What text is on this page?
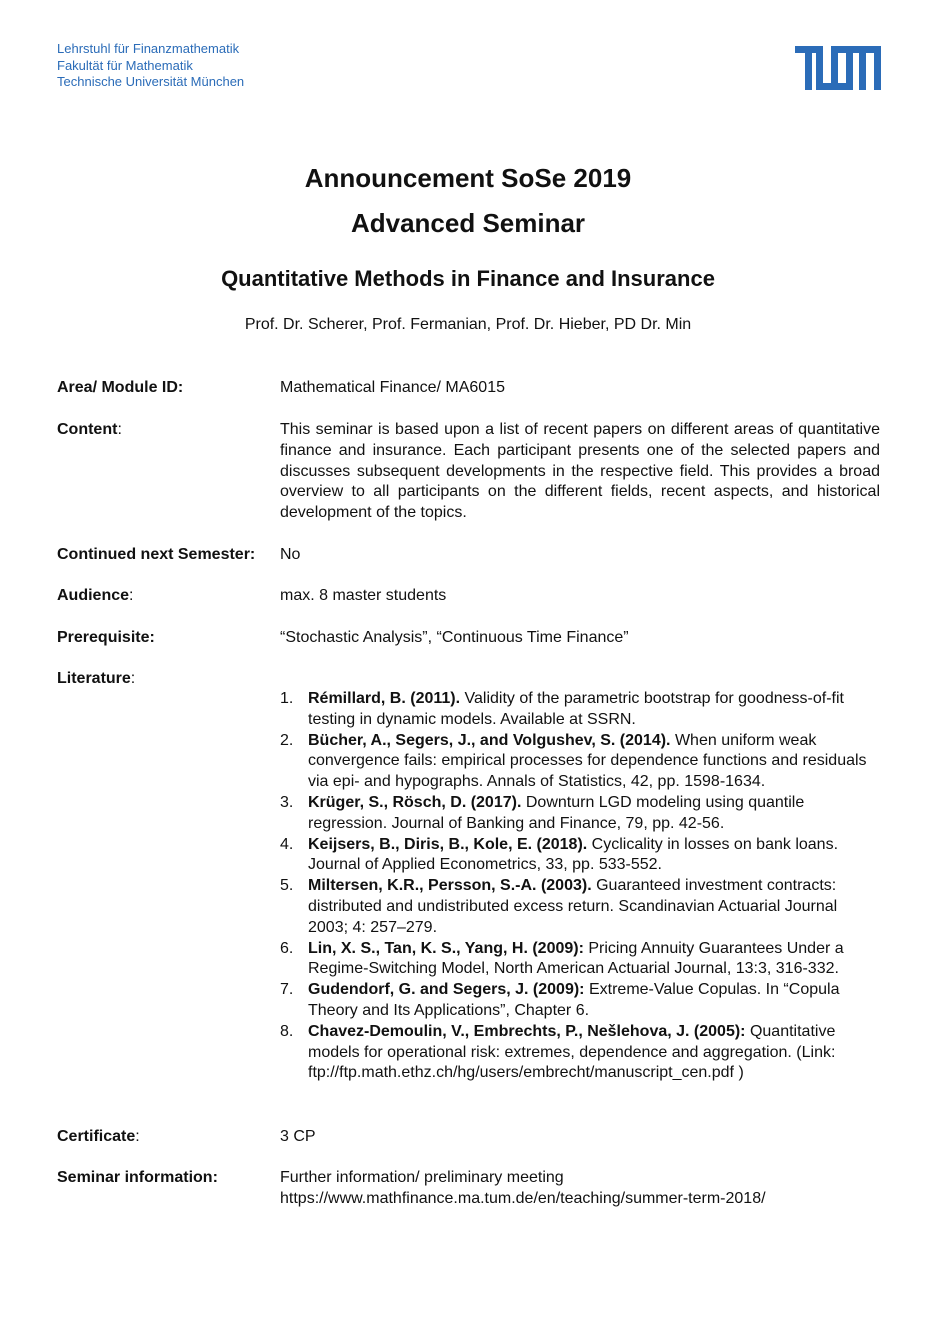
Lehrstuhl für Finanzmathematik
Fakultät für Mathematik
Technische Universität München
Announcement SoSe 2019
Advanced Seminar
Quantitative Methods in Finance and Insurance
Prof. Dr. Scherer, Prof. Fermanian, Prof. Dr. Hieber, PD Dr. Min
Area/ Module ID:	Mathematical Finance/ MA6015
Content:	This seminar is based upon a list of recent papers on different areas of quantitative finance and insurance. Each participant presents one of the selected papers and discusses subsequent developments in the respective field. This provides a broad overview to all participants on the different fields, recent aspects, and historical development of the topics.
Continued next Semester:	No
Audience:	max. 8 master students
Prerequisite:	“Stochastic Analysis”, “Continuous Time Finance”
Literature:
1. Rémillard, B. (2011). Validity of the parametric bootstrap for goodness-of-fit testing in dynamic models. Available at SSRN.
2. Bücher, A., Segers, J., and Volgushev, S. (2014). When uniform weak convergence fails: empirical processes for dependence functions and residuals via epi- and hypographs. Annals of Statistics, 42, pp. 1598-1634.
3. Krüger, S., Rösch, D. (2017). Downturn LGD modeling using quantile regression. Journal of Banking and Finance, 79, pp. 42-56.
4. Keijsers, B., Diris, B., Kole, E. (2018). Cyclicality in losses on bank loans. Journal of Applied Econometrics, 33, pp. 533-552.
5. Miltersen, K.R., Persson, S.-A. (2003). Guaranteed investment contracts: distributed and undistributed excess return. Scandinavian Actuarial Journal 2003; 4: 257–279.
6. Lin, X. S., Tan, K. S., Yang, H. (2009): Pricing Annuity Guarantees Under a Regime-Switching Model, North American Actuarial Journal, 13:3, 316-332.
7. Gudendorf, G. and Segers, J. (2009): Extreme-Value Copulas. In “Copula Theory and Its Applications”, Chapter 6.
8. Chavez-Demoulin, V., Embrechts, P., Nešlehova, J. (2005): Quantitative models for operational risk: extremes, dependence and aggregation. (Link: ftp://ftp.math.ethz.ch/hg/users/embrecht/manuscript_cen.pdf )
Certificate:	3 CP
Seminar information:	Further information/ preliminary meeting
https://www.mathfinance.ma.tum.de/en/teaching/summer-term-2018/
